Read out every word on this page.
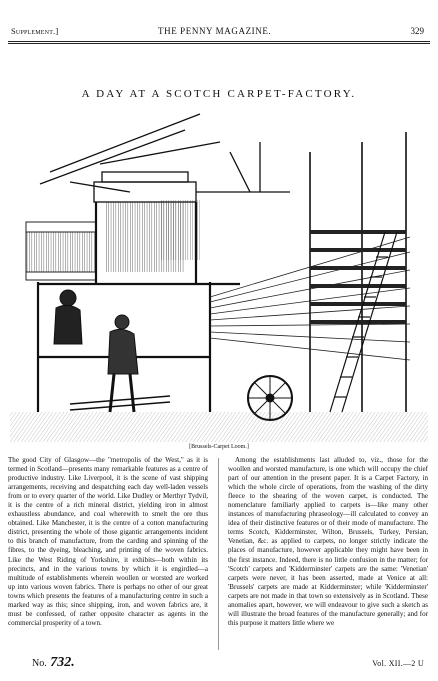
Supplement.]	THE PENNY MAGAZINE.	329
A DAY AT A SCOTCH CARPET-FACTORY.
[Brussels-Carpet Loom.]

The good City of Glasgow—the "metropolis of the West," as it is termed in Scotland—presents many remarkable features as a centre of productive industry. Like Liverpool, it is the scene of vast shipping arrangements, receiving and despatching each day well-laden vessels from or to every quarter of the world. Like Dudley or Merthyr Tydvil, it is the centre of a rich mineral district, yielding iron in almost exhaustless abundance, and coal wherewith to smelt the ore thus obtained. Like Manchester, it is the centre of a cotton manufacturing district, presenting the whole of those gigantic arrangements incident to this branch of manufacture, from the carding and spinning of the fibres, to the dyeing, bleaching, and printing of the woven fabrics. Like the West Riding of Yorkshire, it exhibits—both within its precincts, and in the various towns by which it is engirdled—a multitude of establishments wherein woollen or worsted are worked up into various woven fabrics. There is perhaps no other of our great towns which presents the features of a manufacturing centre in such a marked way as this; since shipping, iron, and woven fabrics are, it must be confessed, of rather opposite character as agents in the commercial prosperity of a town.

Among the establishments last alluded to, viz., those for the woollen and worsted manufacture, is one which will occupy the chief part of our attention in the present paper. It is a Carpet Factory, in which the whole circle of operations, from the washing of the dirty fleece to the shearing of the woven carpet, is conducted. The nomenclature familiarly applied to carpets is—like many other instances of manufacturing phraseology—ill calculated to convey an idea of their distinctive features or of their mode of manufacture. The terms Scotch, Kidderminster, Wilton, Brussels, Turkey, Persian, Venetian, &c. as applied to carpets, no longer strictly indicate the places of manufacture, however applicable they might have been in the first instance. Indeed, there is no little confusion in the matter; for 'Scotch' carpets and 'Kidderminster' carpets are the same: 'Venetian' carpets were never, it has been asserted, made at Venice at all: 'Brussels' carpets are made at Kidderminster; while 'Kidderminster' carpets are not made in that town so extensively as in Scotland. These anomalies apart, however, we will endeavour to give such a sketch as will illustrate the broad features of the manufacture generally; and for this purpose it matters little where we

No. 732.	Vol. XII.—2 U
